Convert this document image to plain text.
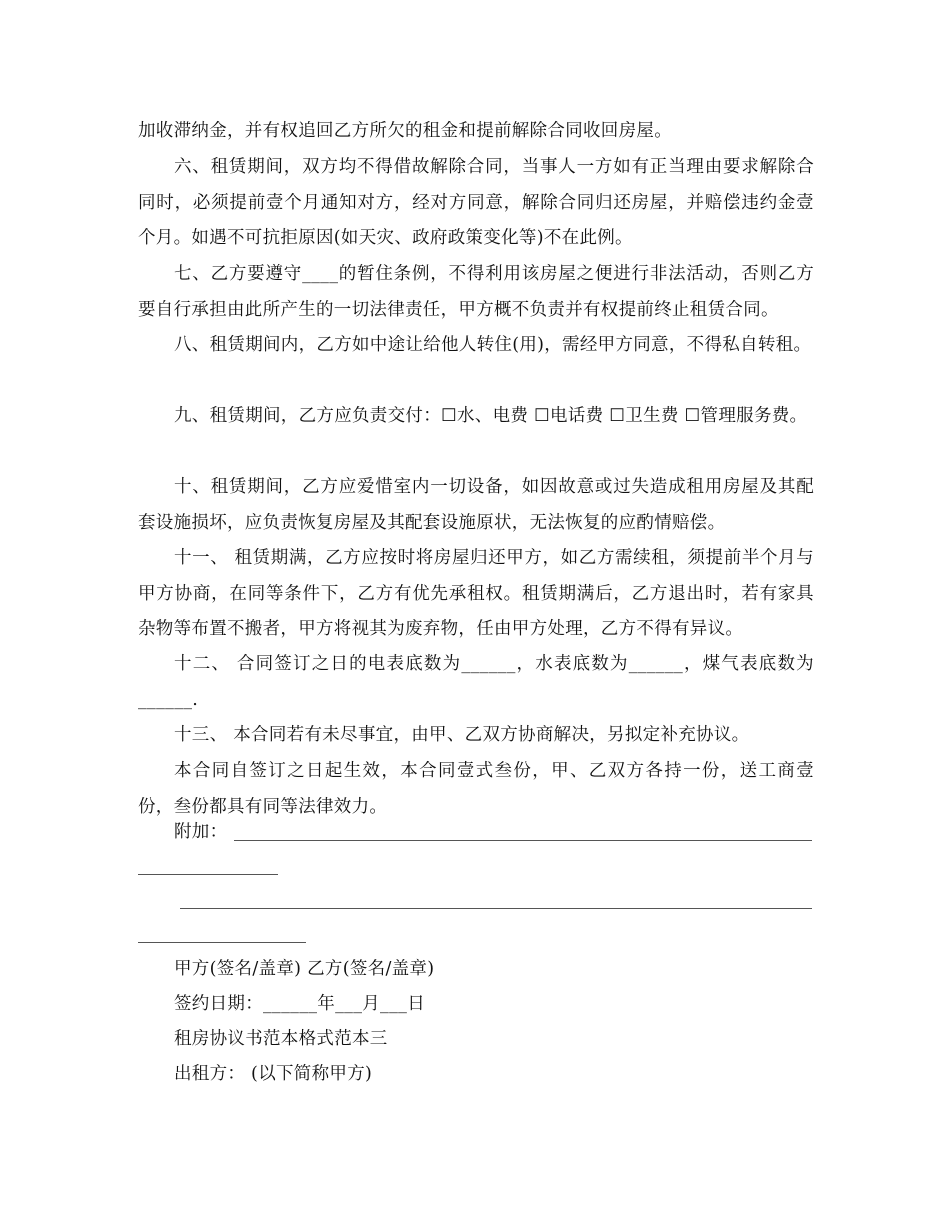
加收滞纳金，并有权追回乙方所欠的租金和提前解除合同收回房屋。

六、租赁期间，双方均不得借故解除合同，当事人一方如有正当理由要求解除合同时，必须提前壹个月通知对方，经对方同意，解除合同归还房屋，并赔偿违约金壹个月。如遇不可抗拒原因(如天灾、政府政策变化等)不在此例。

七、乙方要遵守____的暂住条例，不得利用该房屋之便进行非法活动，否则乙方要自行承担由此所产生的一切法律责任，甲方概不负责并有权提前终止租赁合同。

八、租赁期间内，乙方如中途让给他人转住(用)，需经甲方同意，不得私自转租。

九、租赁期间，乙方应负责交付：☐水、电费 ☐电话费 ☐卫生费 ☐管理服务费。

十、租赁期间，乙方应爱惜室内一切设备，如因故意或过失造成租用房屋及其配套设施损坏，应负责恢复房屋及其配套设施原状，无法恢复的应酌情赔偿。

十一、 租赁期满，乙方应按时将房屋归还甲方，如乙方需续租，须提前半个月与甲方协商，在同等条件下，乙方有优先承租权。租赁期满后，乙方退出时，若有家具杂物等布置不搬者，甲方将视其为废弃物，任由甲方处理，乙方不得有异议。

十二、 合同签订之日的电表底数为______，水表底数为______，煤气表底数为______.

十三、 本合同若有未尽事宜，由甲、乙双方协商解决，另拟定补充协议。

本合同自签订之日起生效，本合同壹式叁份，甲、乙双方各持一份，送工商壹份，叁份都具有同等法律效力。

附加：

甲方(签名/盖章) 乙方(签名/盖章)

签约日期：______年___月___日

租房协议书范本格式范本三

出租方： (以下简称甲方)
